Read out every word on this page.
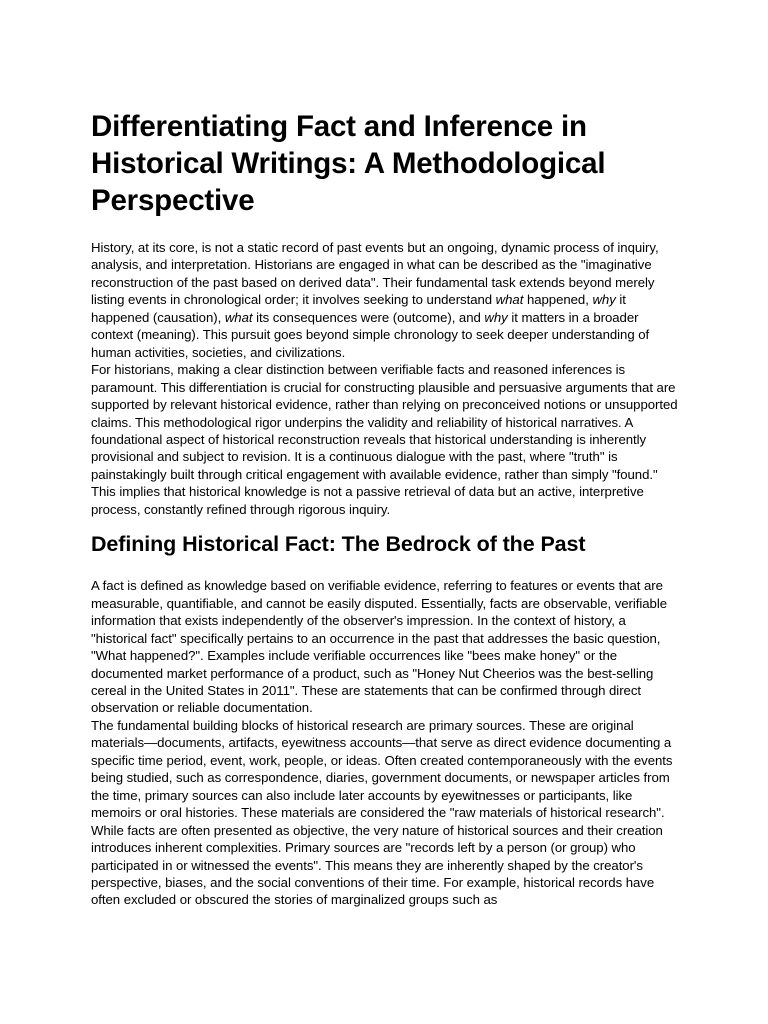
Differentiating Fact and Inference in Historical Writings: A Methodological Perspective

History, at its core, is not a static record of past events but an ongoing, dynamic process of inquiry, analysis, and interpretation. Historians are engaged in what can be described as the "imaginative reconstruction of the past based on derived data". Their fundamental task extends beyond merely listing events in chronological order; it involves seeking to understand what happened, why it happened (causation), what its consequences were (outcome), and why it matters in a broader context (meaning). This pursuit goes beyond simple chronology to seek deeper understanding of human activities, societies, and civilizations.

For historians, making a clear distinction between verifiable facts and reasoned inferences is paramount. This differentiation is crucial for constructing plausible and persuasive arguments that are supported by relevant historical evidence, rather than relying on preconceived notions or unsupported claims. This methodological rigor underpins the validity and reliability of historical narratives. A foundational aspect of historical reconstruction reveals that historical understanding is inherently provisional and subject to revision. It is a continuous dialogue with the past, where "truth" is painstakingly built through critical engagement with available evidence, rather than simply "found." This implies that historical knowledge is not a passive retrieval of data but an active, interpretive process, constantly refined through rigorous inquiry.

Defining Historical Fact: The Bedrock of the Past

A fact is defined as knowledge based on verifiable evidence, referring to features or events that are measurable, quantifiable, and cannot be easily disputed. Essentially, facts are observable, verifiable information that exists independently of the observer's impression. In the context of history, a "historical fact" specifically pertains to an occurrence in the past that addresses the basic question, "What happened?". Examples include verifiable occurrences like "bees make honey" or the documented market performance of a product, such as "Honey Nut Cheerios was the best-selling cereal in the United States in 2011". These are statements that can be confirmed through direct observation or reliable documentation.

The fundamental building blocks of historical research are primary sources. These are original materials—documents, artifacts, eyewitness accounts—that serve as direct evidence documenting a specific time period, event, work, people, or ideas. Often created contemporaneously with the events being studied, such as correspondence, diaries, government documents, or newspaper articles from the time, primary sources can also include later accounts by eyewitnesses or participants, like memoirs or oral histories. These materials are considered the "raw materials of historical research".

While facts are often presented as objective, the very nature of historical sources and their creation introduces inherent complexities. Primary sources are "records left by a person (or group) who participated in or witnessed the events". This means they are inherently shaped by the creator's perspective, biases, and the social conventions of their time. For example, historical records have often excluded or obscured the stories of marginalized groups such as
